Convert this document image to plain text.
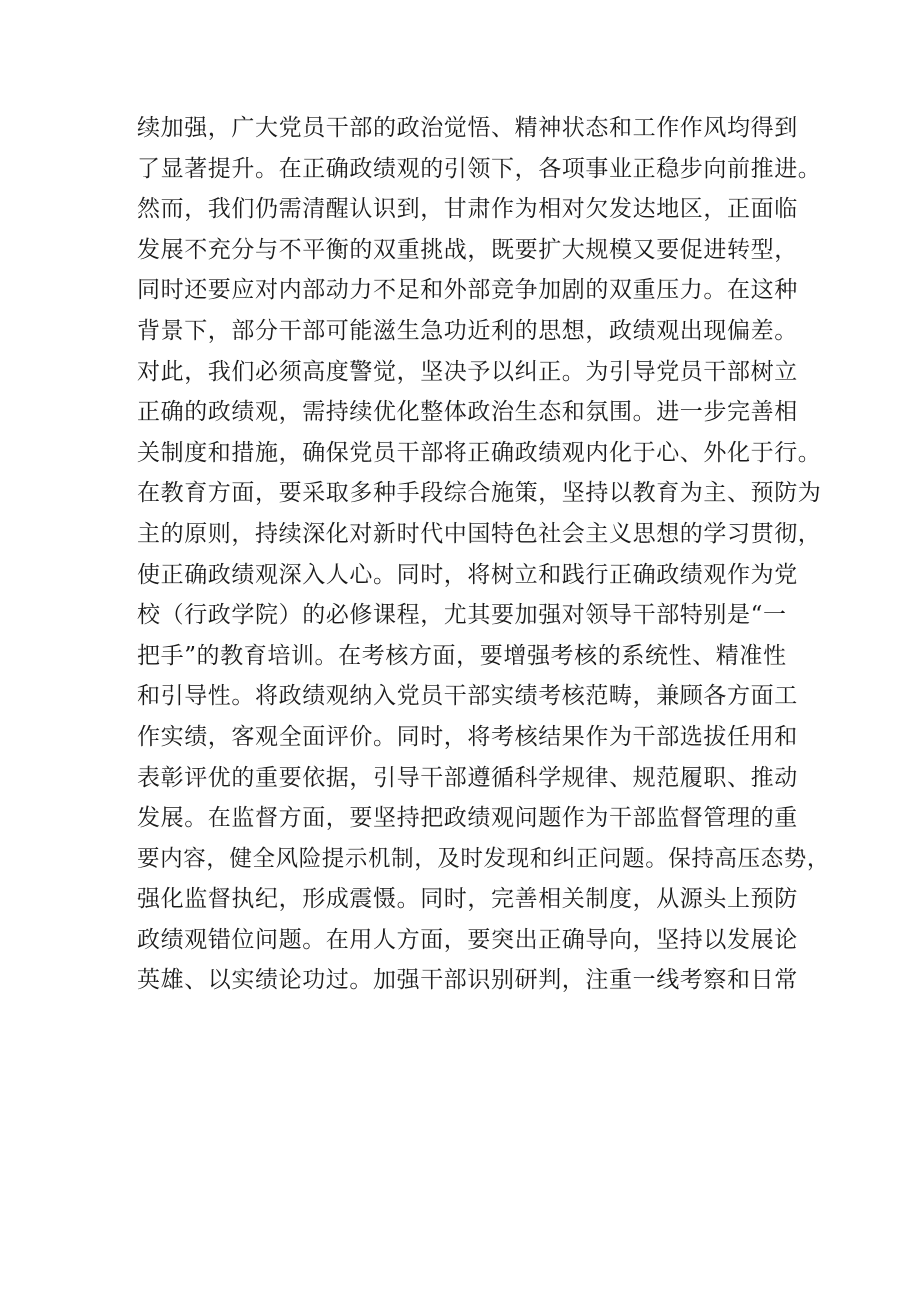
续加强，广大党员干部的政治觉悟、精神状态和工作作风均得到
了显著提升。在正确政绩观的引领下，各项事业正稳步向前推进。
然而，我们仍需清醒认识到，甘肃作为相对欠发达地区，正面临
发展不充分与不平衡的双重挑战，既要扩大规模又要促进转型，
同时还要应对内部动力不足和外部竞争加剧的双重压力。在这种
背景下，部分干部可能滋生急功近利的思想，政绩观出现偏差。
对此，我们必须高度警觉，坚决予以纠正。为引导党员干部树立
正确的政绩观，需持续优化整体政治生态和氛围。进一步完善相
关制度和措施，确保党员干部将正确政绩观内化于心、外化于行。
在教育方面，要采取多种手段综合施策，坚持以教育为主、预防为
主的原则，持续深化对新时代中国特色社会主义思想的学习贯彻，
使正确政绩观深入人心。同时，将树立和践行正确政绩观作为党
校（行政学院）的必修课程，尤其要加强对领导干部特别是“一
把手”的教育培训。在考核方面，要增强考核的系统性、精准性
和引导性。将政绩观纳入党员干部实绩考核范畴，兼顾各方面工
作实绩，客观全面评价。同时，将考核结果作为干部选拔任用和
表彰评优的重要依据，引导干部遵循科学规律、规范履职、推动
发展。在监督方面，要坚持把政绩观问题作为干部监督管理的重
要内容，健全风险提示机制，及时发现和纠正问题。保持高压态势，
强化监督执纪，形成震慑。同时，完善相关制度，从源头上预防
政绩观错位问题。在用人方面，要突出正确导向，坚持以发展论
英雄、以实绩论功过。加强干部识别研判，注重一线考察和日常
